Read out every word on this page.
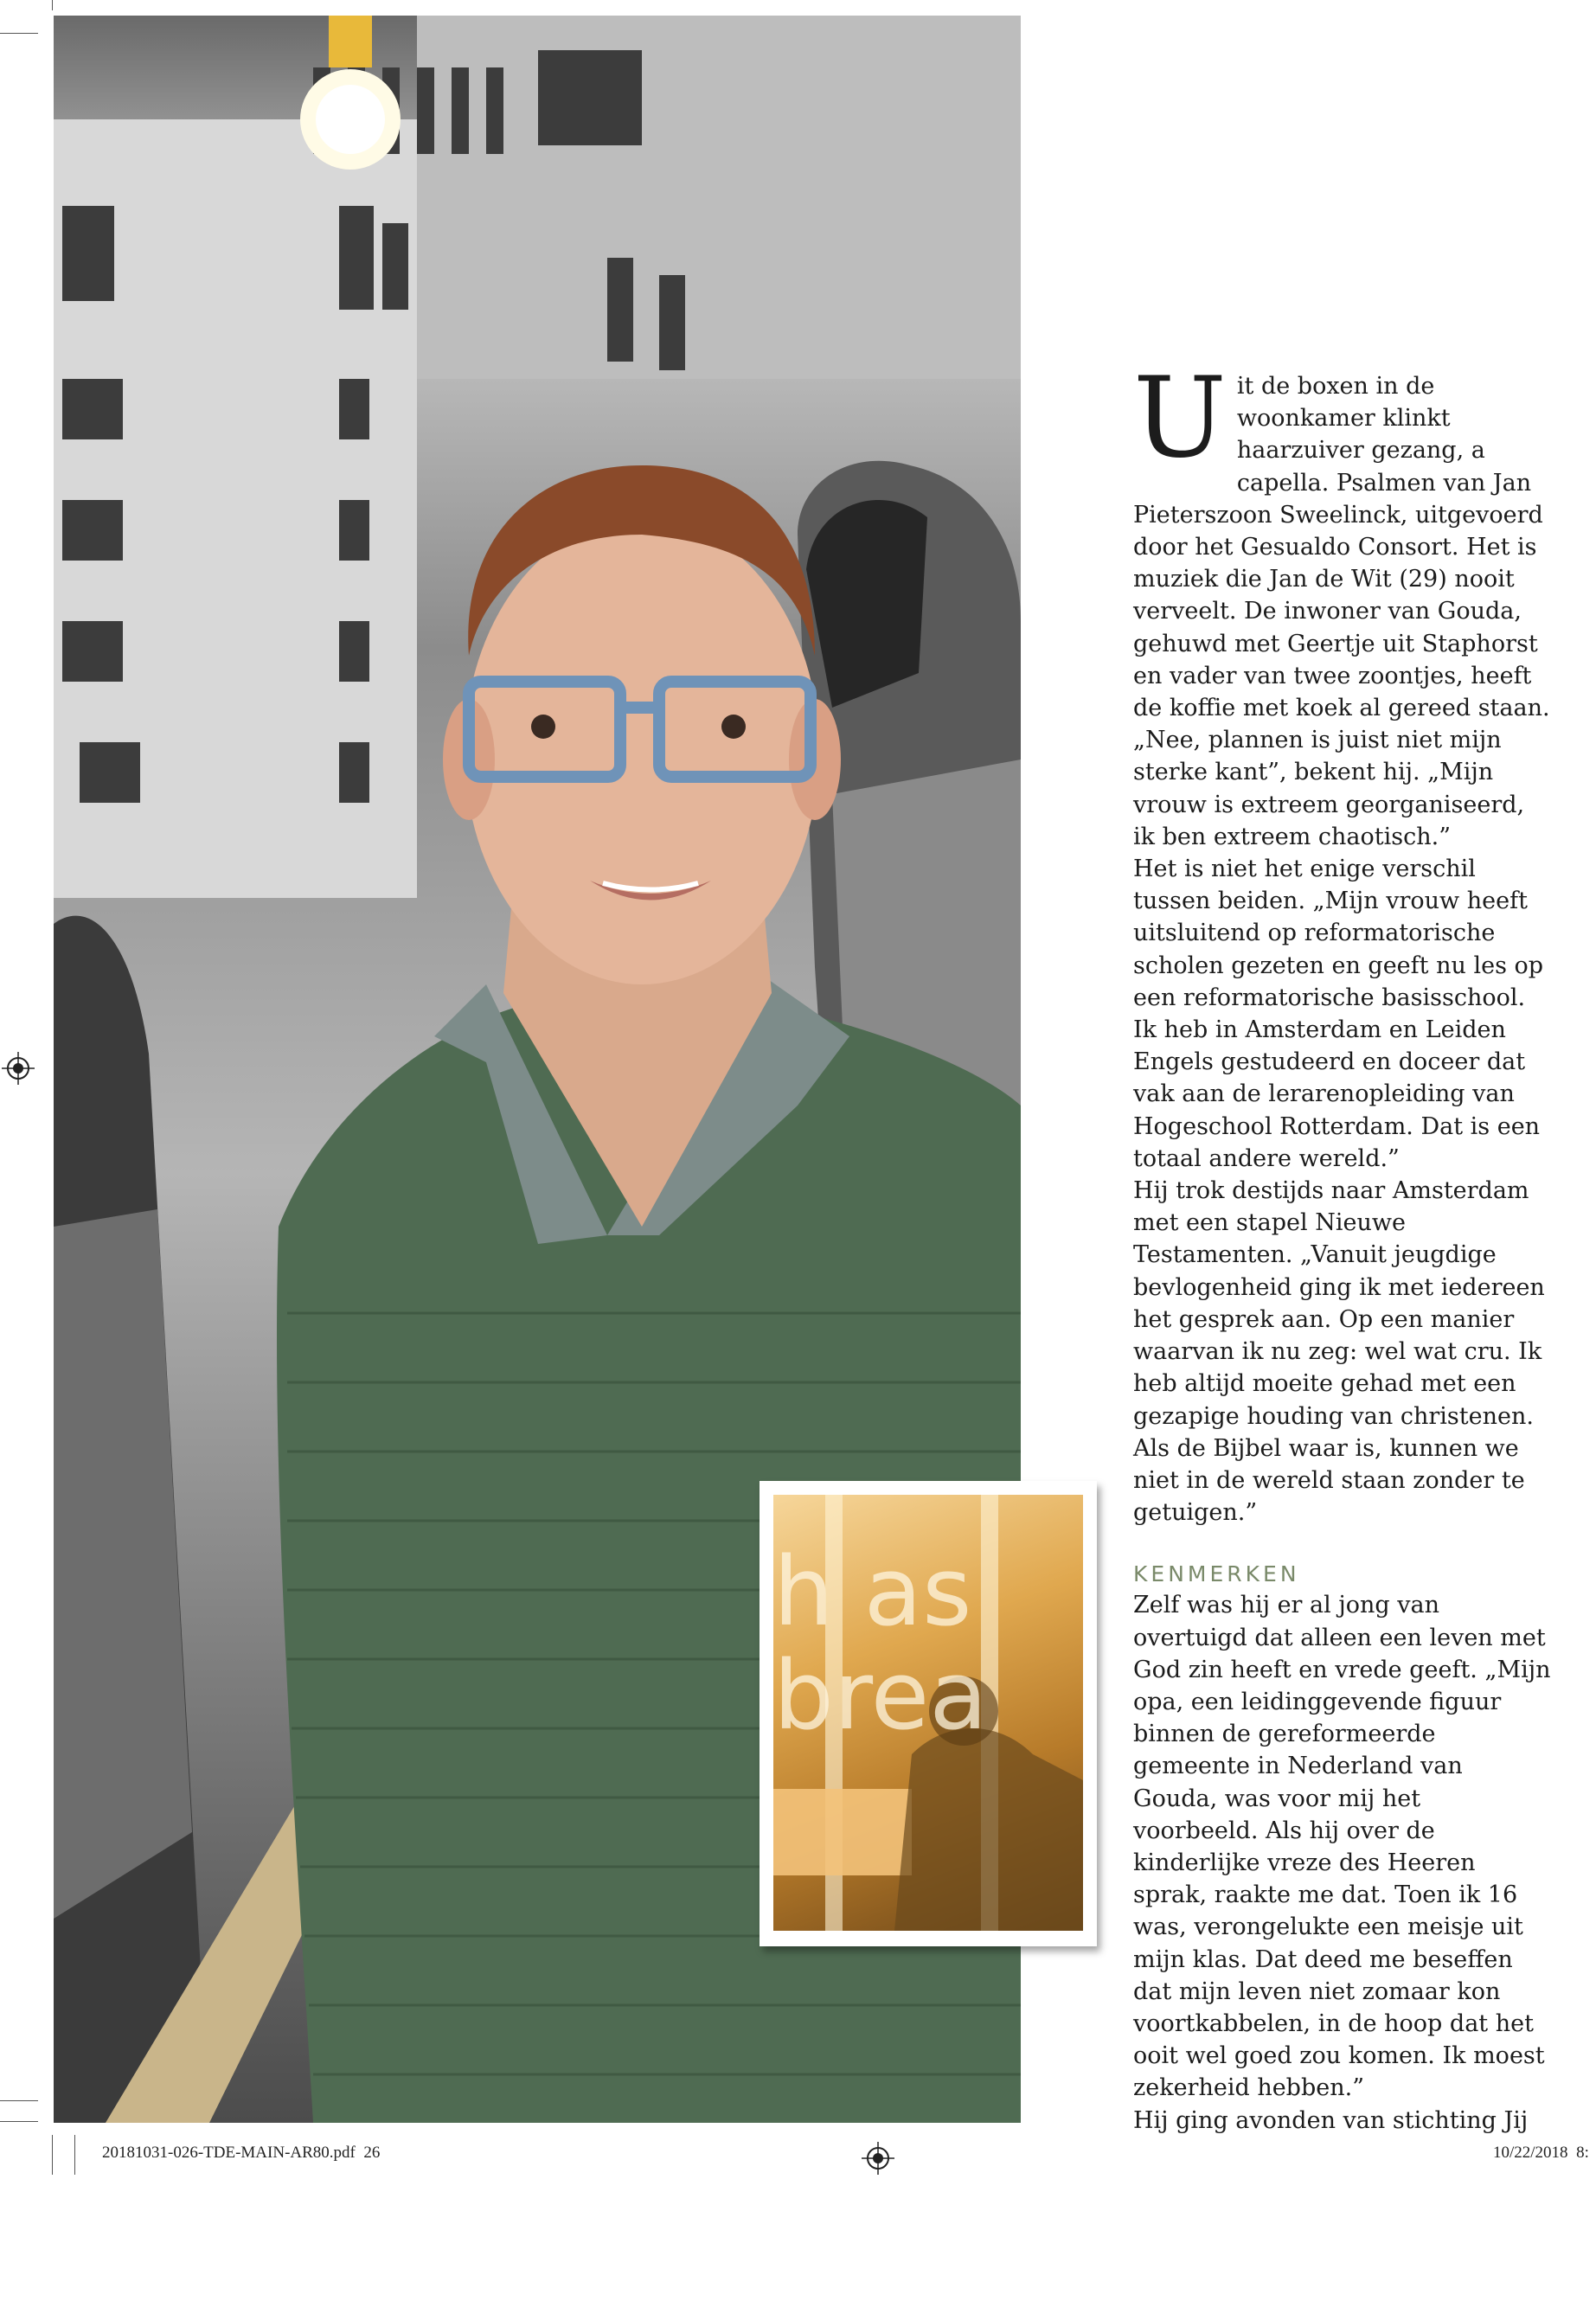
h as
brea

Uit de boxen in de woonkamer klinkt haarzuiver gezang, a capella. Psalmen van Jan Pieterszoon Sweelinck, uitgevoerd door het Gesualdo Consort. Het is muziek die Jan de Wit (29) nooit verveelt. De inwoner van Gouda, gehuwd met Geertje uit Staphorst en vader van twee zoontjes, heeft de koffie met koek al gereed staan. „Nee, plannen is juist niet mijn sterke kant”, bekent hij. „Mijn vrouw is extreem georganiseerd, ik ben extreem chaotisch.”

Het is niet het enige verschil tussen beiden. „Mijn vrouw heeft uitsluitend op reformatorische scholen gezeten en geeft nu les op een reformatorische basisschool. Ik heb in Amsterdam en Leiden Engels gestudeerd en doceer dat vak aan de lerarenopleiding van Hogeschool Rotterdam. Dat is een totaal andere wereld.”

Hij trok destijds naar Amsterdam met een stapel Nieuwe Testamenten. „Vanuit jeugdige bevlogenheid ging ik met iedereen het gesprek aan. Op een manier waarvan ik nu zeg: wel wat cru. Ik heb altijd moeite gehad met een gezapige houding van christenen. Als de Bijbel waar is, kunnen we niet in de wereld staan zonder te getuigen.”

KENMERKEN

Zelf was hij er al jong van overtuigd dat alleen een leven met God zin heeft en vrede geeft. „Mijn opa, een leidinggevende figuur binnen de gereformeerde gemeente in Nederland van Gouda, was voor mij het voorbeeld. Als hij over de kinderlijke vreze des Heeren sprak, raakte me dat. Toen ik 16 was, verongelukte een meisje uit mijn klas. Dat deed me beseffen dat mijn leven niet zomaar kon voortkabbelen, in de hoop dat het ooit wel goed zou komen. Ik moest zekerheid hebben.”

Hij ging avonden van stichting Jij

20181031-026-TDE-MAIN-AR80.pdf 26	10/22/2018 8:
